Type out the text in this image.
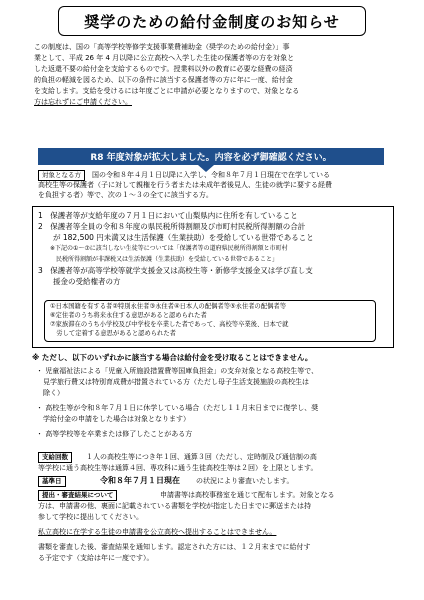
奨学のための給付金制度のお知らせ
この制度は、国の「高等学校等修学支援事業費補助金（奨学のための給付金）」事
業として、平成 26 年 4 月以降に公立高校へ入学した生徒の保護者等の方を対象と
した返還不要の給付金を支給するものです。授業料以外の教育に必要な経費の経済
的負担の軽減を図るため、以下の条件に該当する保護者等の方に年に一度、給付金
を支給します。支給を受けるには年度ごとに申請が必要となりますので、対象となる
方は忘れずにご申請ください。
R8 年度対象が拡大しました。内容を必ず御確認ください。
対象となる方	国の令和８年４月１日以降に入学し、令和８年７月１日現在で在学している
高校生等の保護者（子に対して親権を行う者または未成年者後見人、生徒の就学に要する経費
を負担する者）等で、次の１～３の全てに該当する方。
1　保護者等が支給年度の７月１日において山梨県内に住所を有していること
2　保護者等全員の令和８年度の県民税所得割額及び市町村民税所得割額の合計
　　が 182,500 円未満又は生活保護（生業扶助）を受給している世帯であること
　　※下記の①～⑦に該当しない生徒等については「保護者等の道府県民税所得割額と市町村
　　　民税所得割額が非課税又は生活保護（生業扶助）を受給している世帯であること」
3　保護者等が高等学校等就学支援金又は高校生等・新修学支援金又は学び直し支
　　援金の受給権者の方
①日本国籍を有する者②特別永住者③永住者④日本人の配偶者等⑤永住者の配偶者等
⑥定住者のうち将来永住する意思があると認められた者
⑦家族滞在のうち小学校及び中学校を卒業した者であって、高校等卒業後、日本で就
　労して定着する意思があると認められた者
※ ただし、以下のいずれかに該当する場合は給付金を受け取ることはできません。
・ 児童福祉法による「児童入所施設措置費等国庫負担金」の支弁対象となる高校生等で、
　見学旅行費又は特別育成費が措置されている方（ただし母子生活支援施設の高校生は
　除く）
・ 高校生等が令和８年７月１日に休学している場合（ただし１１月末日までに復学し、奨
　学給付金の申請をした場合は対象となります）
・ 高等学校等を卒業または修了したことがある方
支給回数	１人の高校生等につき年１回、通算３回（ただし、定時制及び通信制の高
等学校に通う高校生等は通算４回、専攻科に通う生徒高校生等は２回）を上限とします。
基準日	令和８年７月１日現在 の状況により審査いたします。
提出・審査結果について	申請書等は高校事務室を通じて配布します。対象となる
方は、申請書の他、裏面に記載されている書類を学校が指定した日までに郵送または持
参して学校に提出してください。
私立高校に在学する生徒の申請書を公立高校へ提出することはできません。
書類を審査した後、審査結果を通知します。認定された方には、１２月末までに給付す
る予定です（支給は年に一度です）。
